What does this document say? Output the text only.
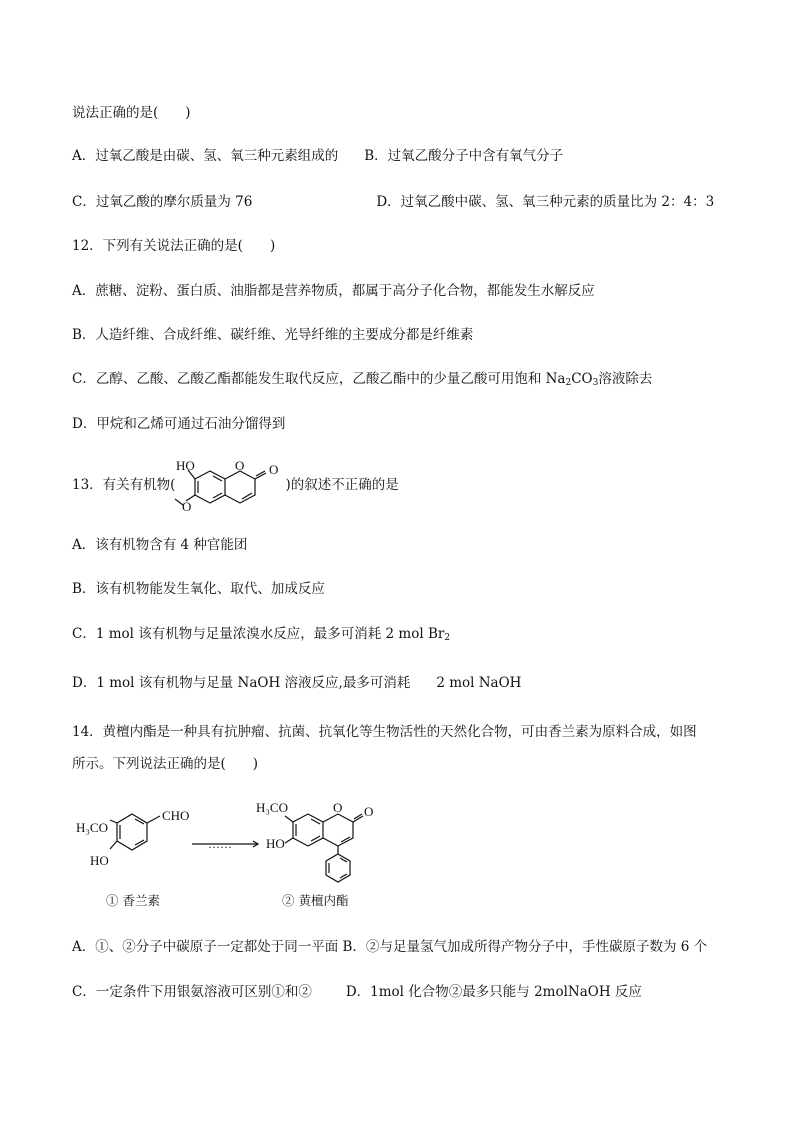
说法正确的是(　　)
A．过氧乙酸是由碳、氢、氧三种元素组成的 B．过氧乙酸分子中含有氧气分子
C．过氧乙酸的摩尔质量为 76	D．过氧乙酸中碳、氢、氧三种元素的质量比为 2：4：3
12．下列有关说法正确的是(　　)
A．蔗糖、淀粉、蛋白质、油脂都是营养物质，都属于高分子化合物，都能发生水解反应
B．人造纤维、合成纤维、碳纤维、光导纤维的主要成分都是纤维素
C．乙醇、乙酸、乙酸乙酯都能发生取代反应，乙酸乙酯中的少量乙酸可用饱和 $Na_2CO_3$溶液除去
D．甲烷和乙烯可通过石油分馏得到
13．有关有机物(	)的叙述不正确的是
HO	O O
O
A．该有机物含有 4 种官能团
B．该有机物能发生氧化、取代、加成反应
C．1 mol 该有机物与足量浓溴水反应，最多可消耗 2 mol $Br_2$
D．1 mol 该有机物与足量 NaOH 溶液反应,最多可消耗 2 mol NaOH
14．黄檀内酯是一种具有抗肿瘤、抗菌、抗氧化等生物活性的天然化合物，可由香兰素为原料合成，如图
所示。下列说法正确的是(　　)
H₃CO
CHO
HO
……
H₃CO
HO
O O
① 香兰素	② 黄檀内酯
A．①、②分子中碳原子一定都处于同一平面 B．②与足量氢气加成所得产物分子中，手性碳原子数为 6 个
C．一定条件下用银氨溶液可区别①和②	D．1mol 化合物②最多只能与 2molNaOH 反应
